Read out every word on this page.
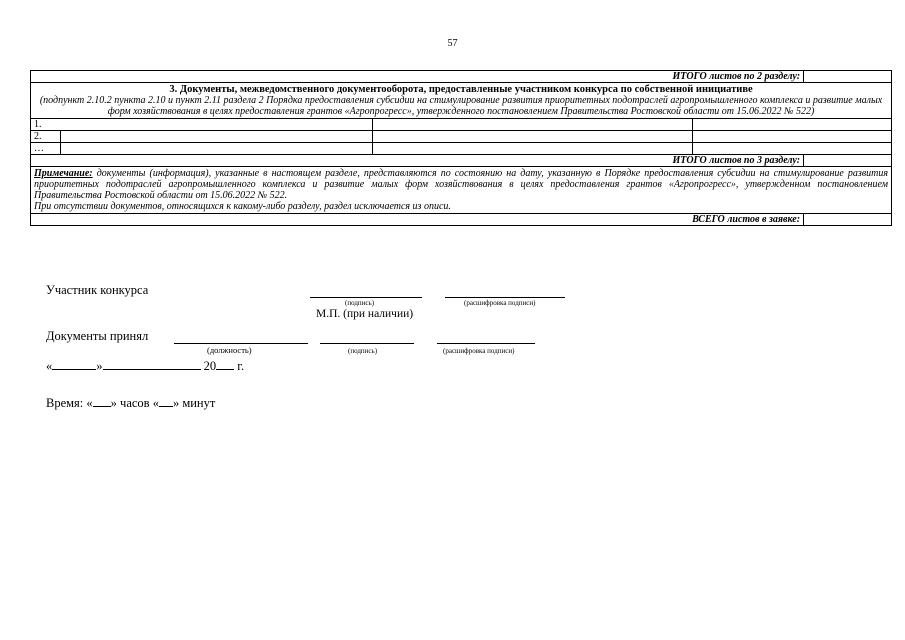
57
ИТОГО листов по 2 разделу:				

3. Документы, межведомственного документооборота, предоставленные участником конкурса по собственной инициативе
(подпункт 2.10.2 пункта 2.10 и пункт 2.11 раздела 2 Порядка предоставления субсидии на стимулирование развития приоритетных подотраслей агропромышленного комплекса и развитие малых форм хозяйствования в целях предоставления грантов «Агропрогресс», утвержденного постановлением Правительства Ростовской области от 15.06.2022 № 522)				

1.				
2.				
…				
ИТОГО листов по 3 разделу:				
Примечание: документы (информация), указанные в настоящем разделе, представляются по состоянию на дату, указанную в Порядке предоставления субсидии на стимулирование развития приоритетных подотраслей агропромышленного комплекса и развитие малых форм хозяйствования в целях предоставления грантов «Агропрогресс», утвержденном постановлением Правительства Ростовской области от 15.06.2022 № 522.
При отсутствии документов, относящихся к какому-либо разделу, раздел исключается из описи.				
ВСЕГО листов в заявке:				
Участник конкурса
(подпись)	(расшифровка подписи)
М.П. (при наличии)
Документы принял
(должность)	(подпись)	(расшифровка подписи)
«	»	20 г.
Время: « » часов « » минут
